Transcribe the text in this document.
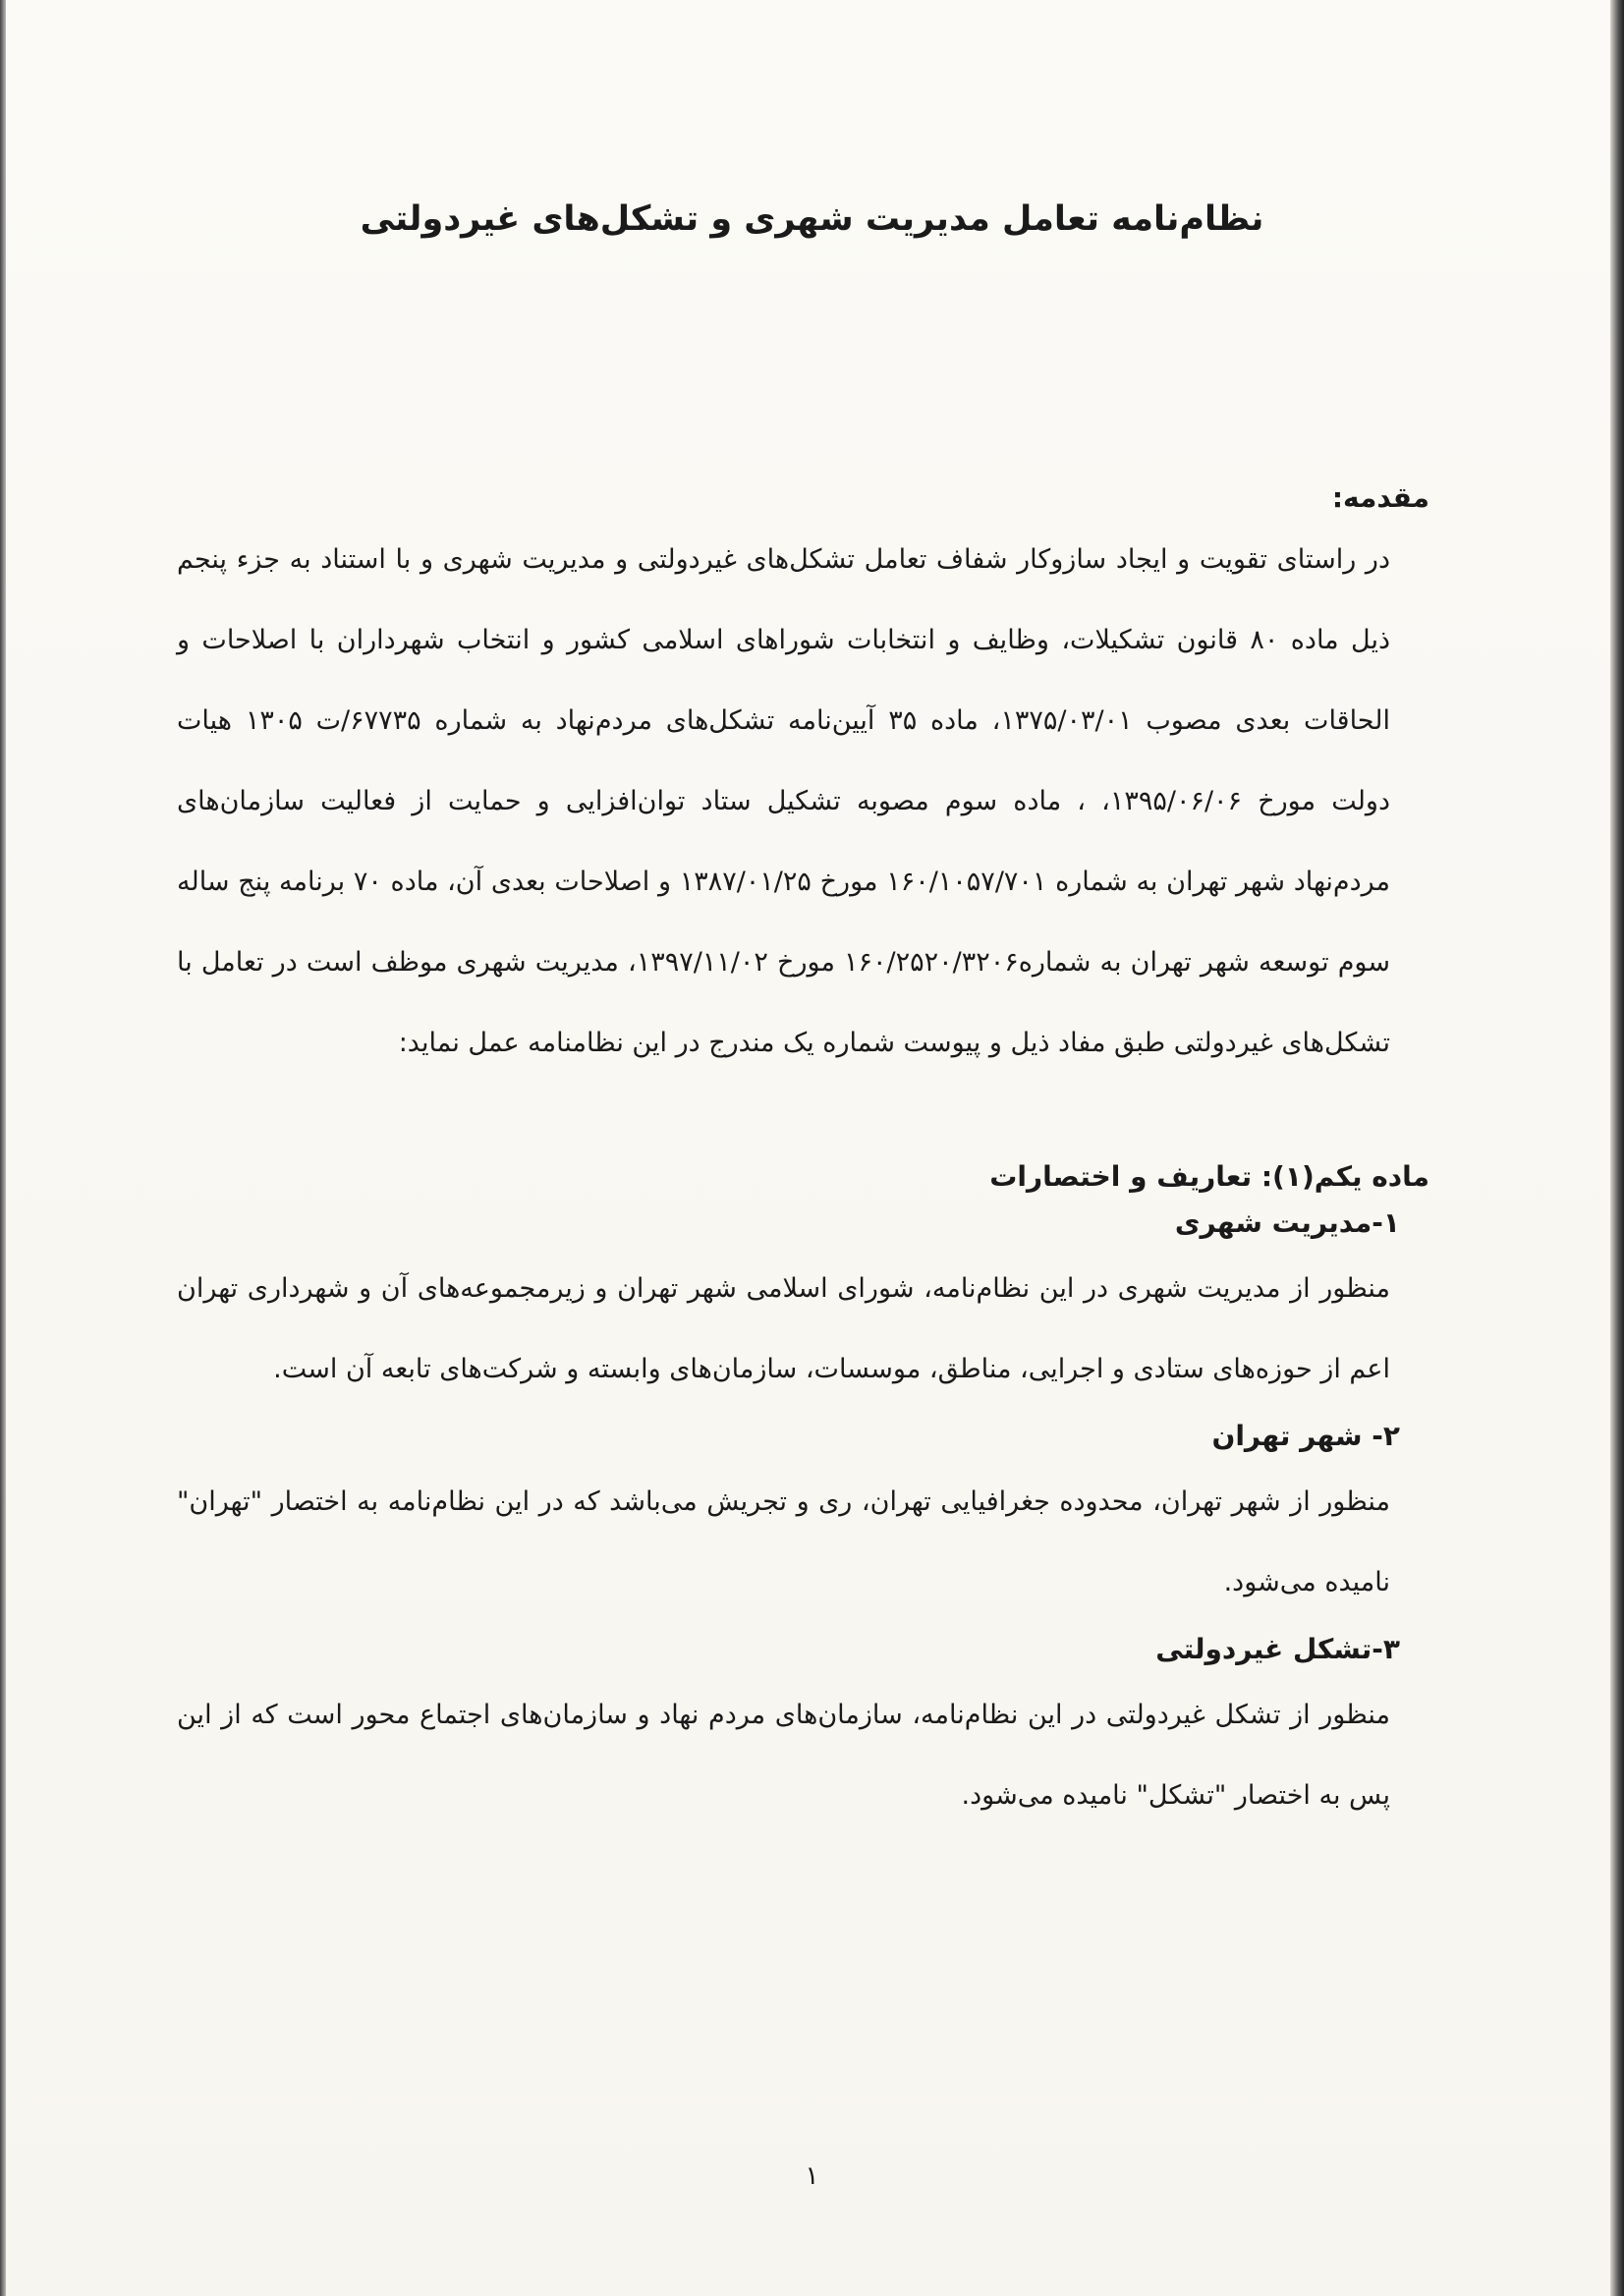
نظام‌نامه تعامل مدیریت شهری و تشکل‌های غیردولتی

مقدمه:

در راستای تقویت و ایجاد سازوکار شفاف تعامل تشکل‌های غیردولتی و مدیریت شهری و با استناد به جزء پنجم ذیل ماده ۸۰ قانون تشکیلات، وظایف و انتخابات شوراهای اسلامی کشور و انتخاب شهرداران با اصلاحات و الحاقات بعدی مصوب ۱۳۷۵/۰۳/۰۱، ماده ۳۵ آیین‌نامه تشکل‌های مردم‌نهاد به شماره ۶۷۷۳۵/ت ۱۳۰۵ هیات دولت مورخ ۱۳۹۵/۰۶/۰۶، ، ماده سوم مصوبه تشکیل ستاد توان‌افزایی و حمایت از فعالیت سازمان‌های مردم‌نهاد شهر تهران به شماره ۱۶۰/۱۰۵۷/۷۰۱ مورخ ۱۳۸۷/۰۱/۲۵ و اصلاحات بعدی آن، ماده ۷۰ برنامه پنج ساله سوم توسعه شهر تهران به شماره۱۶۰/۲۵۲۰/۳۲۰۶ مورخ ۱۳۹۷/۱۱/۰۲، مدیریت شهری موظف است در تعامل با تشکل‌های غیردولتی طبق مفاد ذیل و پیوست شماره یک مندرج در این نظامنامه عمل نماید:

ماده یکم(۱): تعاریف و اختصارات

۱-مدیریت شهری

منظور از مدیریت شهری در این نظام‌نامه، شورای اسلامی شهر تهران و زیرمجموعه‌های آن و شهرداری تهران اعم از حوزه‌های ستادی و اجرایی، مناطق، موسسات، سازمان‌های وابسته و شرکت‌های تابعه آن است.

۲- شهر تهران

منظور از شهر تهران، محدوده جغرافیایی تهران، ری و تجریش می‌باشد که در این نظام‌نامه به اختصار "تهران" نامیده می‌شود.

۳-تشکل غیردولتی

منظور از تشکل غیردولتی در این نظام‌نامه، سازمان‌های مردم نهاد و سازمان‌های اجتماع محور است که از این پس به اختصار "تشکل" نامیده می‌شود.

۱
